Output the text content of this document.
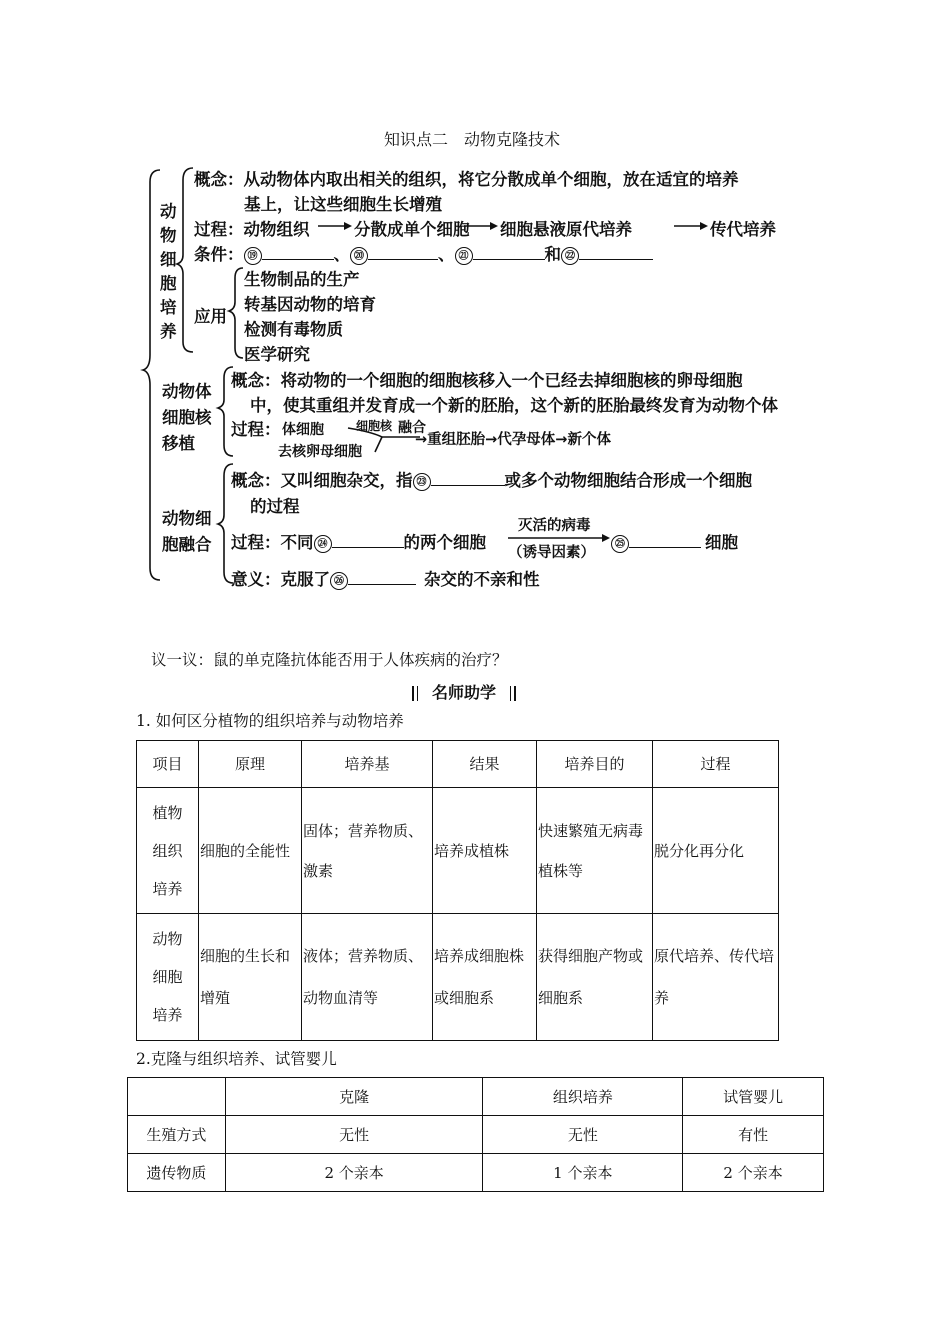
知识点二　动物克隆技术
动物细胞培养
动物体
细胞核
移植
动物细
胞融合
概念：从动物体内取出相关的组织，将它分散成单个细胞，放在适宜的培养
基上，让这些细胞生长增殖
过程：动物组织	分散成单个细胞 细胞悬液原代培养	传代培养
条件： ⑲	、 ⑳	、 ㉑	和 ㉒
应用
生物制品的生产
转基因动物的培育
检测有毒物质
医学研究
概念：将动物的一个细胞的细胞核移入一个已经去掉细胞核的卵母细胞
中，使其重组并发育成一个新的胚胎，这个新的胚胎最终发育为动物个体
过程： 体细胞	细胞核 融合
去核卵母细胞
→重组胚胎→代孕母体→新个体
概念：又叫细胞杂交，指 ㉓	或多个动物细胞结合形成一个细胞
的过程
过程：不同 ㉔	的两个细胞
灭活的病毒
（诱导因素）
㉕	细胞
意义：克服了 ㉖	杂交的不亲和性
议一议：鼠的单克隆抗体能否用于人体疾病的治疗？
名师助学
1. 如何区分植物的组织培养与动物培养
项目	原理	培养基	结果	培养目的	过程
植物组织培养	细胞的全能性	固体；营养物质、激素	培养成植株	快速繁殖无病毒植株等	脱分化再分化
动物细胞培养	细胞的生长和增殖	液体；营养物质、动物血清等	培养成细胞株或细胞系	获得细胞产物或细胞系	原代培养、传代培养
2.克隆与组织培养、试管婴儿
	克隆	组织培养	试管婴儿
生殖方式	无性	无性	有性
遗传物质	2 个亲本	1 个亲本	2 个亲本
